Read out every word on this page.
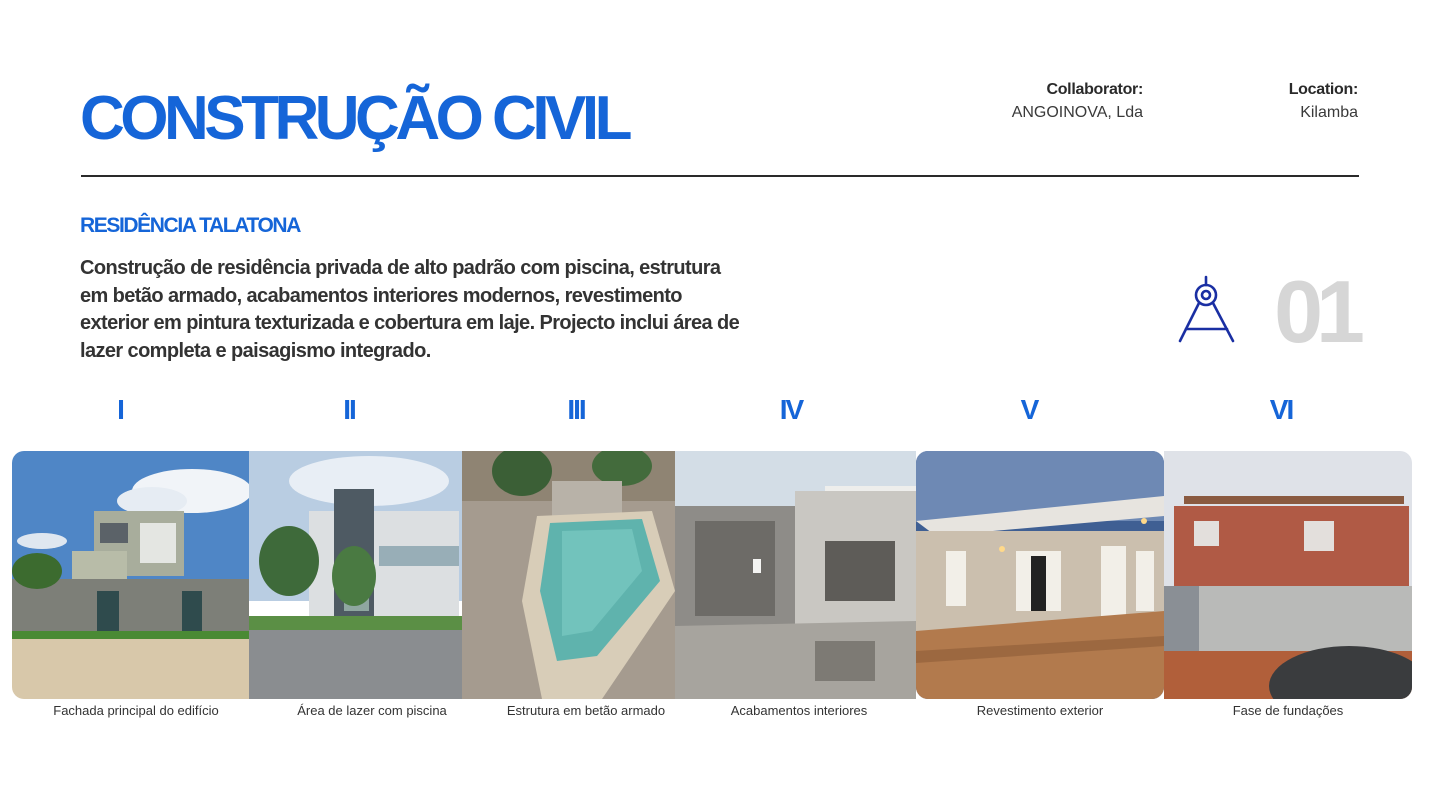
CONSTRUÇÃO CIVIL	Collaborator:
ANGOINOVA, Lda
Location:
Kilamba
RESIDÊNCIA TALATONA
Construção de residência privada de alto padrão com piscina, estrutura em betão armado, acabamentos interiores modernos, revestimento exterior em pintura texturizada e cobertura em laje. Projecto inclui área de lazer completa e paisagismo integrado.	01
I	II	III	IV	V	VI
Fachada principal do edifício	Área de lazer com piscina	Estrutura em betão armado	Acabamentos interiores	Revestimento exterior	Fase de fundações
